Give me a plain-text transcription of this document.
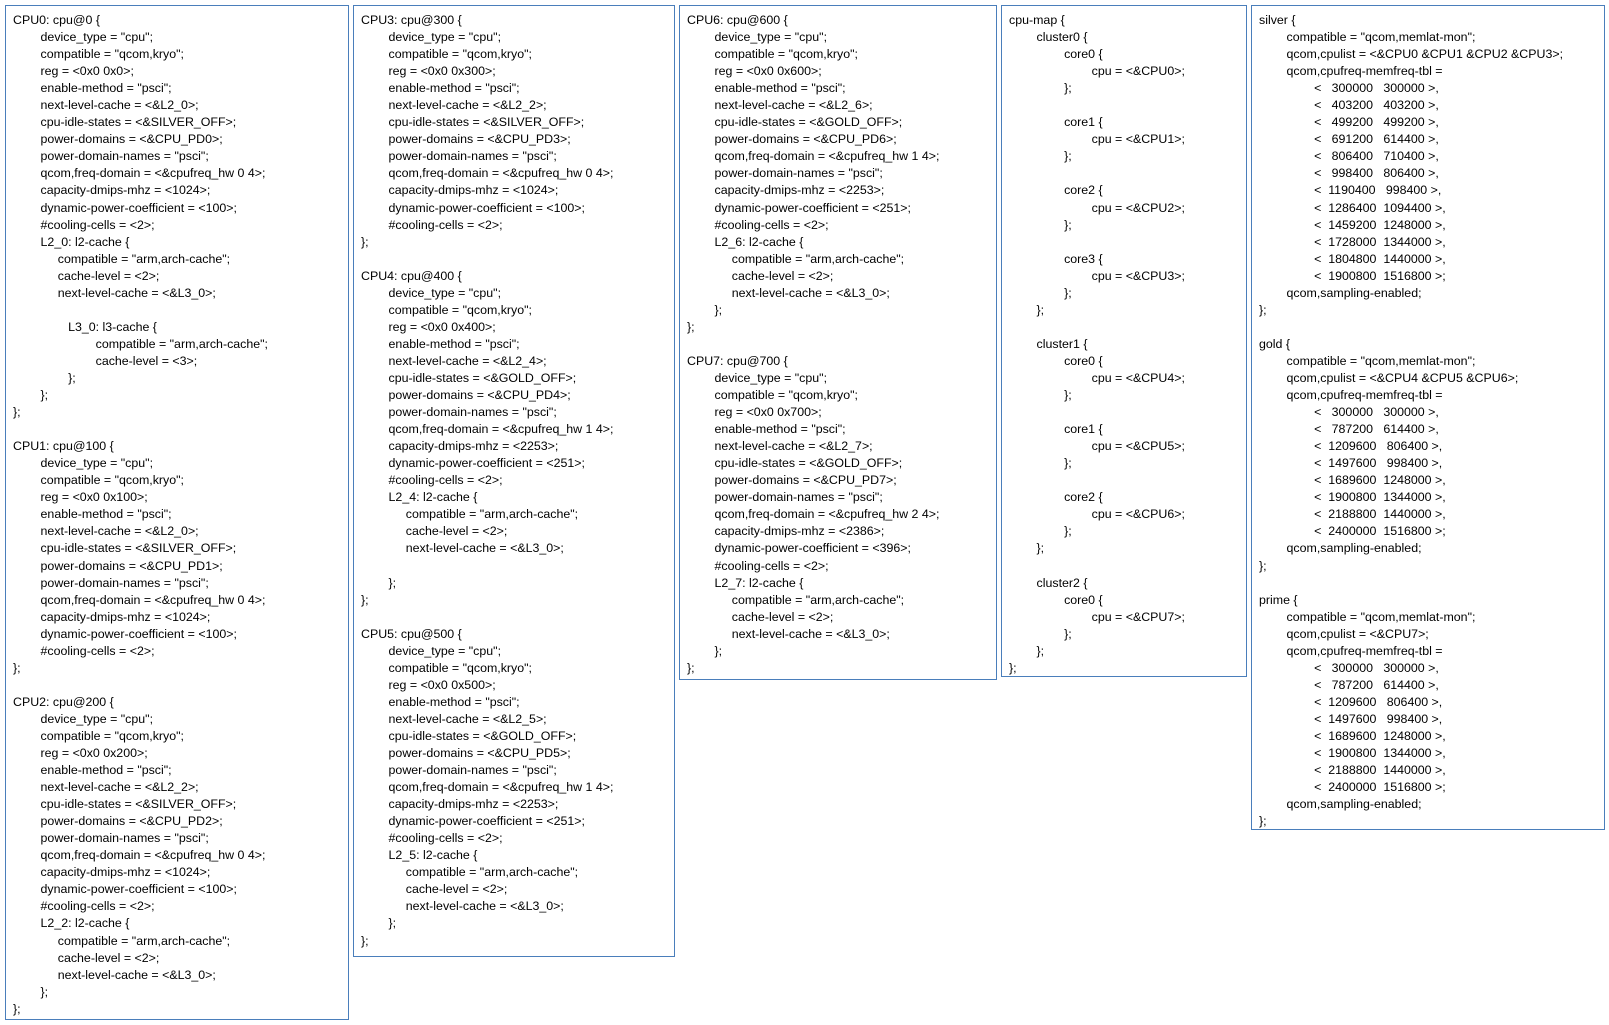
CPU0: cpu@0 {
device_type = "cpu";
compatible = "qcom,kryo";
reg = <0x0 0x0>;
enable-method = "psci";
next-level-cache = <&L2_0>;
cpu-idle-states = <&SILVER_OFF>;
power-domains = <&CPU_PD0>;
power-domain-names = "psci";
qcom,freq-domain = <&cpufreq_hw 0 4>;
capacity-dmips-mhz = <1024>;
dynamic-power-coefficient = <100>;
#cooling-cells = <2>;
L2_0: l2-cache {
compatible = "arm,arch-cache";
cache-level = <2>;
next-level-cache = <&L3_0>;

L3_0: l3-cache {
compatible = "arm,arch-cache";
cache-level = <3>;
};
};
};

CPU1: cpu@100 {
device_type = "cpu";
compatible = "qcom,kryo";
reg = <0x0 0x100>;
enable-method = "psci";
next-level-cache = <&L2_0>;
cpu-idle-states = <&SILVER_OFF>;
power-domains = <&CPU_PD1>;
power-domain-names = "psci";
qcom,freq-domain = <&cpufreq_hw 0 4>;
capacity-dmips-mhz = <1024>;
dynamic-power-coefficient = <100>;
#cooling-cells = <2>;
};

CPU2: cpu@200 {
device_type = "cpu";
compatible = "qcom,kryo";
reg = <0x0 0x200>;
enable-method = "psci";
next-level-cache = <&L2_2>;
cpu-idle-states = <&SILVER_OFF>;
power-domains = <&CPU_PD2>;
power-domain-names = "psci";
qcom,freq-domain = <&cpufreq_hw 0 4>;
capacity-dmips-mhz = <1024>;
dynamic-power-coefficient = <100>;
#cooling-cells = <2>;
L2_2: l2-cache {
compatible = "arm,arch-cache";
cache-level = <2>;
next-level-cache = <&L3_0>;
};
};
CPU3: cpu@300 {
device_type = "cpu";
compatible = "qcom,kryo";
reg = <0x0 0x300>;
enable-method = "psci";
next-level-cache = <&L2_2>;
cpu-idle-states = <&SILVER_OFF>;
power-domains = <&CPU_PD3>;
power-domain-names = "psci";
qcom,freq-domain = <&cpufreq_hw 0 4>;
capacity-dmips-mhz = <1024>;
dynamic-power-coefficient = <100>;
#cooling-cells = <2>;
};

CPU4: cpu@400 {
device_type = "cpu";
compatible = "qcom,kryo";
reg = <0x0 0x400>;
enable-method = "psci";
next-level-cache = <&L2_4>;
cpu-idle-states = <&GOLD_OFF>;
power-domains = <&CPU_PD4>;
power-domain-names = "psci";
qcom,freq-domain = <&cpufreq_hw 1 4>;
capacity-dmips-mhz = <2253>;
dynamic-power-coefficient = <251>;
#cooling-cells = <2>;
L2_4: l2-cache {
compatible = "arm,arch-cache";
cache-level = <2>;
next-level-cache = <&L3_0>;

};
};

CPU5: cpu@500 {
device_type = "cpu";
compatible = "qcom,kryo";
reg = <0x0 0x500>;
enable-method = "psci";
next-level-cache = <&L2_5>;
cpu-idle-states = <&GOLD_OFF>;
power-domains = <&CPU_PD5>;
power-domain-names = "psci";
qcom,freq-domain = <&cpufreq_hw 1 4>;
capacity-dmips-mhz = <2253>;
dynamic-power-coefficient = <251>;
#cooling-cells = <2>;
L2_5: l2-cache {
compatible = "arm,arch-cache";
cache-level = <2>;
next-level-cache = <&L3_0>;
};
};
CPU6: cpu@600 {
device_type = "cpu";
compatible = "qcom,kryo";
reg = <0x0 0x600>;
enable-method = "psci";
next-level-cache = <&L2_6>;
cpu-idle-states = <&GOLD_OFF>;
power-domains = <&CPU_PD6>;
qcom,freq-domain = <&cpufreq_hw 1 4>;
power-domain-names = "psci";
capacity-dmips-mhz = <2253>;
dynamic-power-coefficient = <251>;
#cooling-cells = <2>;
L2_6: l2-cache {
compatible = "arm,arch-cache";
cache-level = <2>;
next-level-cache = <&L3_0>;
};
};

CPU7: cpu@700 {
device_type = "cpu";
compatible = "qcom,kryo";
reg = <0x0 0x700>;
enable-method = "psci";
next-level-cache = <&L2_7>;
cpu-idle-states = <&GOLD_OFF>;
power-domains = <&CPU_PD7>;
power-domain-names = "psci";
qcom,freq-domain = <&cpufreq_hw 2 4>;
capacity-dmips-mhz = <2386>;
dynamic-power-coefficient = <396>;
#cooling-cells = <2>;
L2_7: l2-cache {
compatible = "arm,arch-cache";
cache-level = <2>;
next-level-cache = <&L3_0>;
};
};
cpu-map {
cluster0 {
core0 {
cpu = <&CPU0>;
};

core1 {
cpu = <&CPU1>;
};

core2 {
cpu = <&CPU2>;
};

core3 {
cpu = <&CPU3>;
};
};

cluster1 {
core0 {
cpu = <&CPU4>;
};

core1 {
cpu = <&CPU5>;
};

core2 {
cpu = <&CPU6>;
};
};

cluster2 {
core0 {
cpu = <&CPU7>;
};
};
};
silver {
compatible = "qcom,memlat-mon";
qcom,cpulist = <&CPU0 &CPU1 &CPU2 &CPU3>;
qcom,cpufreq-memfreq-tbl =
<   300000   300000 >,
<   403200   403200 >,
<   499200   499200 >,
<   691200   614400 >,
<   806400   710400 >,
<   998400   806400 >,
<  1190400   998400 >,
<  1286400  1094400 >,
<  1459200  1248000 >,
<  1728000  1344000 >,
<  1804800  1440000 >,
<  1900800  1516800 >;
qcom,sampling-enabled;
};

gold {
compatible = "qcom,memlat-mon";
qcom,cpulist = <&CPU4 &CPU5 &CPU6>;
qcom,cpufreq-memfreq-tbl =
<   300000   300000 >,
<   787200   614400 >,
<  1209600   806400 >,
<  1497600   998400 >,
<  1689600  1248000 >,
<  1900800  1344000 >,
<  2188800  1440000 >,
<  2400000  1516800 >;
qcom,sampling-enabled;
};

prime {
compatible = "qcom,memlat-mon";
qcom,cpulist = <&CPU7>;
qcom,cpufreq-memfreq-tbl =
<   300000   300000 >,
<   787200   614400 >,
<  1209600   806400 >,
<  1497600   998400 >,
<  1689600  1248000 >,
<  1900800  1344000 >,
<  2188800  1440000 >,
<  2400000  1516800 >;
qcom,sampling-enabled;
};
